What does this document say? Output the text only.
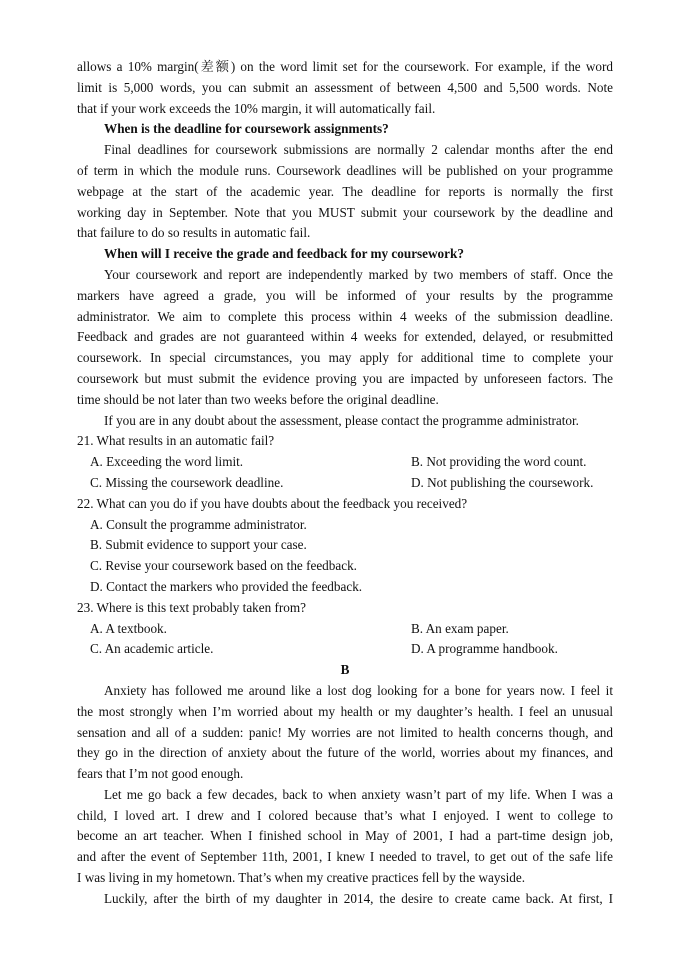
allows a 10% margin(差额) on the word limit set for the coursework. For example, if the word
limit is 5,000 words, you can submit an assessment of between 4,500 and 5,500 words. Note
that if your work exceeds the 10% margin, it will automatically fail.
When is the deadline for coursework assignments?
Final deadlines for coursework submissions are normally 2 calendar months after the end
of term in which the module runs. Coursework deadlines will be published on your programme
webpage at the start of the academic year. The deadline for reports is normally the first
working day in September. Note that you MUST submit your coursework by the deadline and
that failure to do so results in automatic fail.
When will I receive the grade and feedback for my coursework?
Your coursework and report are independently marked by two members of staff. Once the
markers have agreed a grade, you will be informed of your results by the programme
administrator. We aim to complete this process within 4 weeks of the submission deadline.
Feedback and grades are not guaranteed within 4 weeks for extended, delayed, or resubmitted
coursework. In special circumstances, you may apply for additional time to complete your
coursework but must submit the evidence proving you are impacted by unforeseen factors. The
time should be not later than two weeks before the original deadline.
If you are in any doubt about the assessment, please contact the programme administrator.
21. What results in an automatic fail?
A. Exceeding the word limit.	B. Not providing the word count.
C. Missing the coursework deadline.	D. Not publishing the coursework.
22. What can you do if you have doubts about the feedback you received?
A. Consult the programme administrator.
B. Submit evidence to support your case.
C. Revise your coursework based on the feedback.
D. Contact the markers who provided the feedback.
23. Where is this text probably taken from?
A. A textbook.	B. An exam paper.
C. An academic article.	D. A programme handbook.
B
Anxiety has followed me around like a lost dog looking for a bone for years now. I feel it
the most strongly when I’m worried about my health or my daughter’s health. I feel an unusual
sensation and all of a sudden: panic! My worries are not limited to health concerns though, and
they go in the direction of anxiety about the future of the world, worries about my finances, and
fears that I’m not good enough.
Let me go back a few decades, back to when anxiety wasn’t part of my life. When I was a
child, I loved art. I drew and I colored because that’s what I enjoyed. I went to college to
become an art teacher. When I finished school in May of 2001, I had a part-time design job,
and after the event of September 11th, 2001, I knew I needed to travel, to get out of the safe life
I was living in my hometown. That’s when my creative practices fell by the wayside.
Luckily, after the birth of my daughter in 2014, the desire to create came back. At first, I
